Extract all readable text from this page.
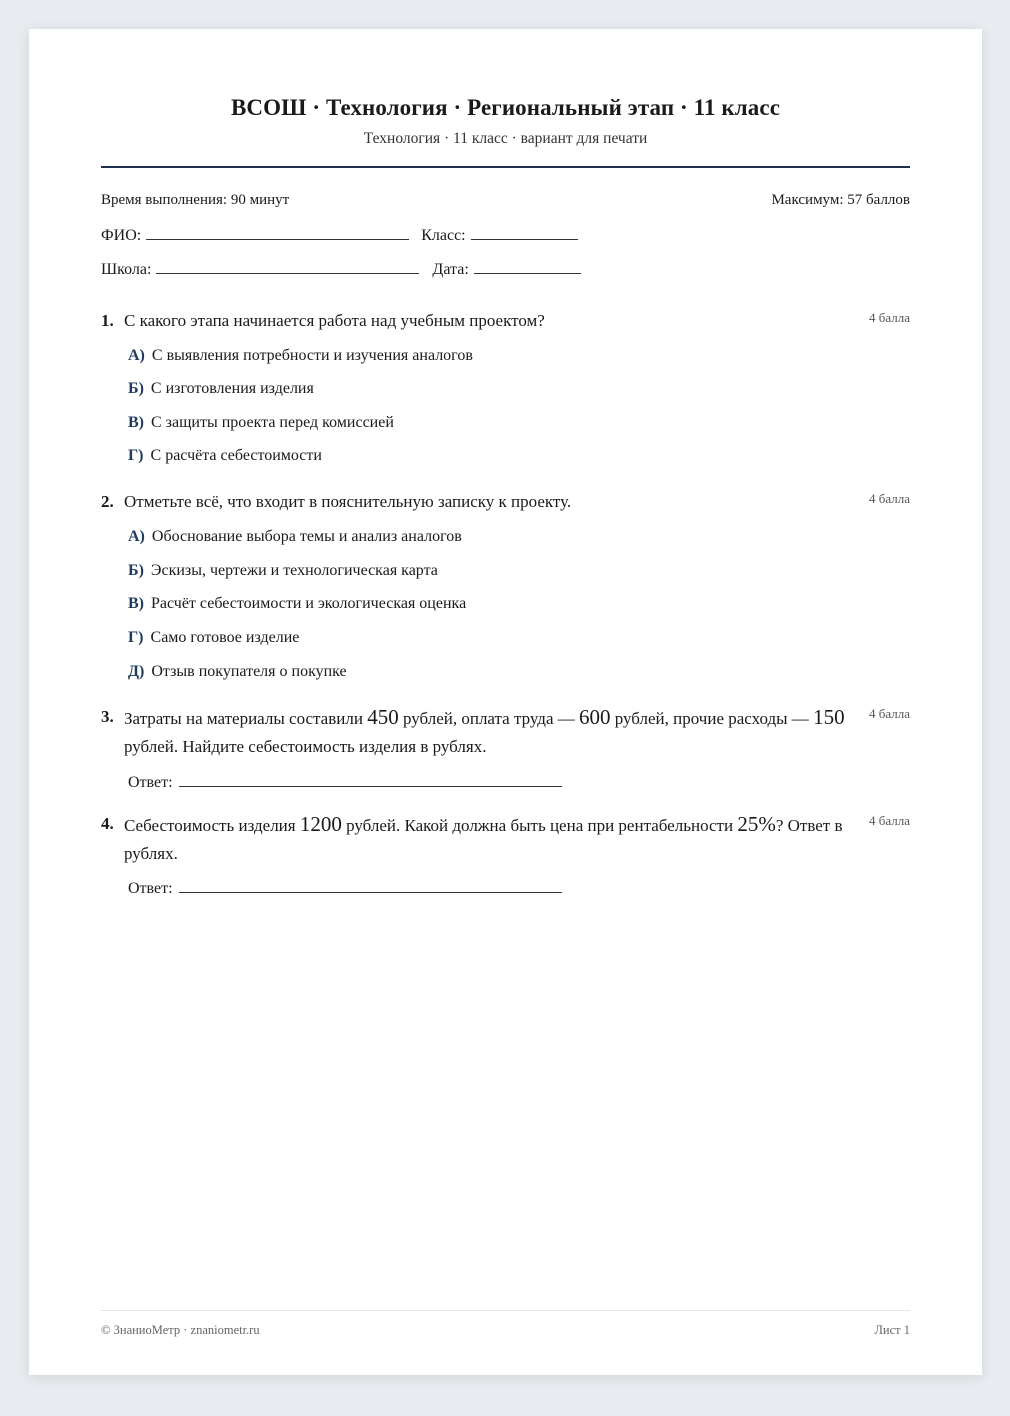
ВСОШ · Технология · Региональный этап · 11 класс
Технология · 11 класс · вариант для печати
Время выполнения: 90 минут	Максимум: 57 баллов
ФИО:	Класс:
Школа:	Дата:
1. С какого этапа начинается работа над учебным проектом?	4 балла
А) С выявления потребности и изучения аналогов
Б) С изготовления изделия
В) С защиты проекта перед комиссией
Г) С расчёта себестоимости
2. Отметьте всё, что входит в пояснительную записку к проекту.	4 балла
А) Обоснование выбора темы и анализ аналогов
Б) Эскизы, чертежи и технологическая карта
В) Расчёт себестоимости и экологическая оценка
Г) Само готовое изделие
Д) Отзыв покупателя о покупке
3. Затраты на материалы составили 450 рублей, оплата труда — 600 рублей, прочие расходы — 150 рублей. Найдите себестоимость изделия в рублях.
4 балла
Ответ:
4. Себестоимость изделия 1200 рублей. Какой должна быть цена при рентабельности 25%? Ответ в рублях.
4 балла
Ответ:
© ЗнаниоМетр · znaniometr.ru	Лист 1
